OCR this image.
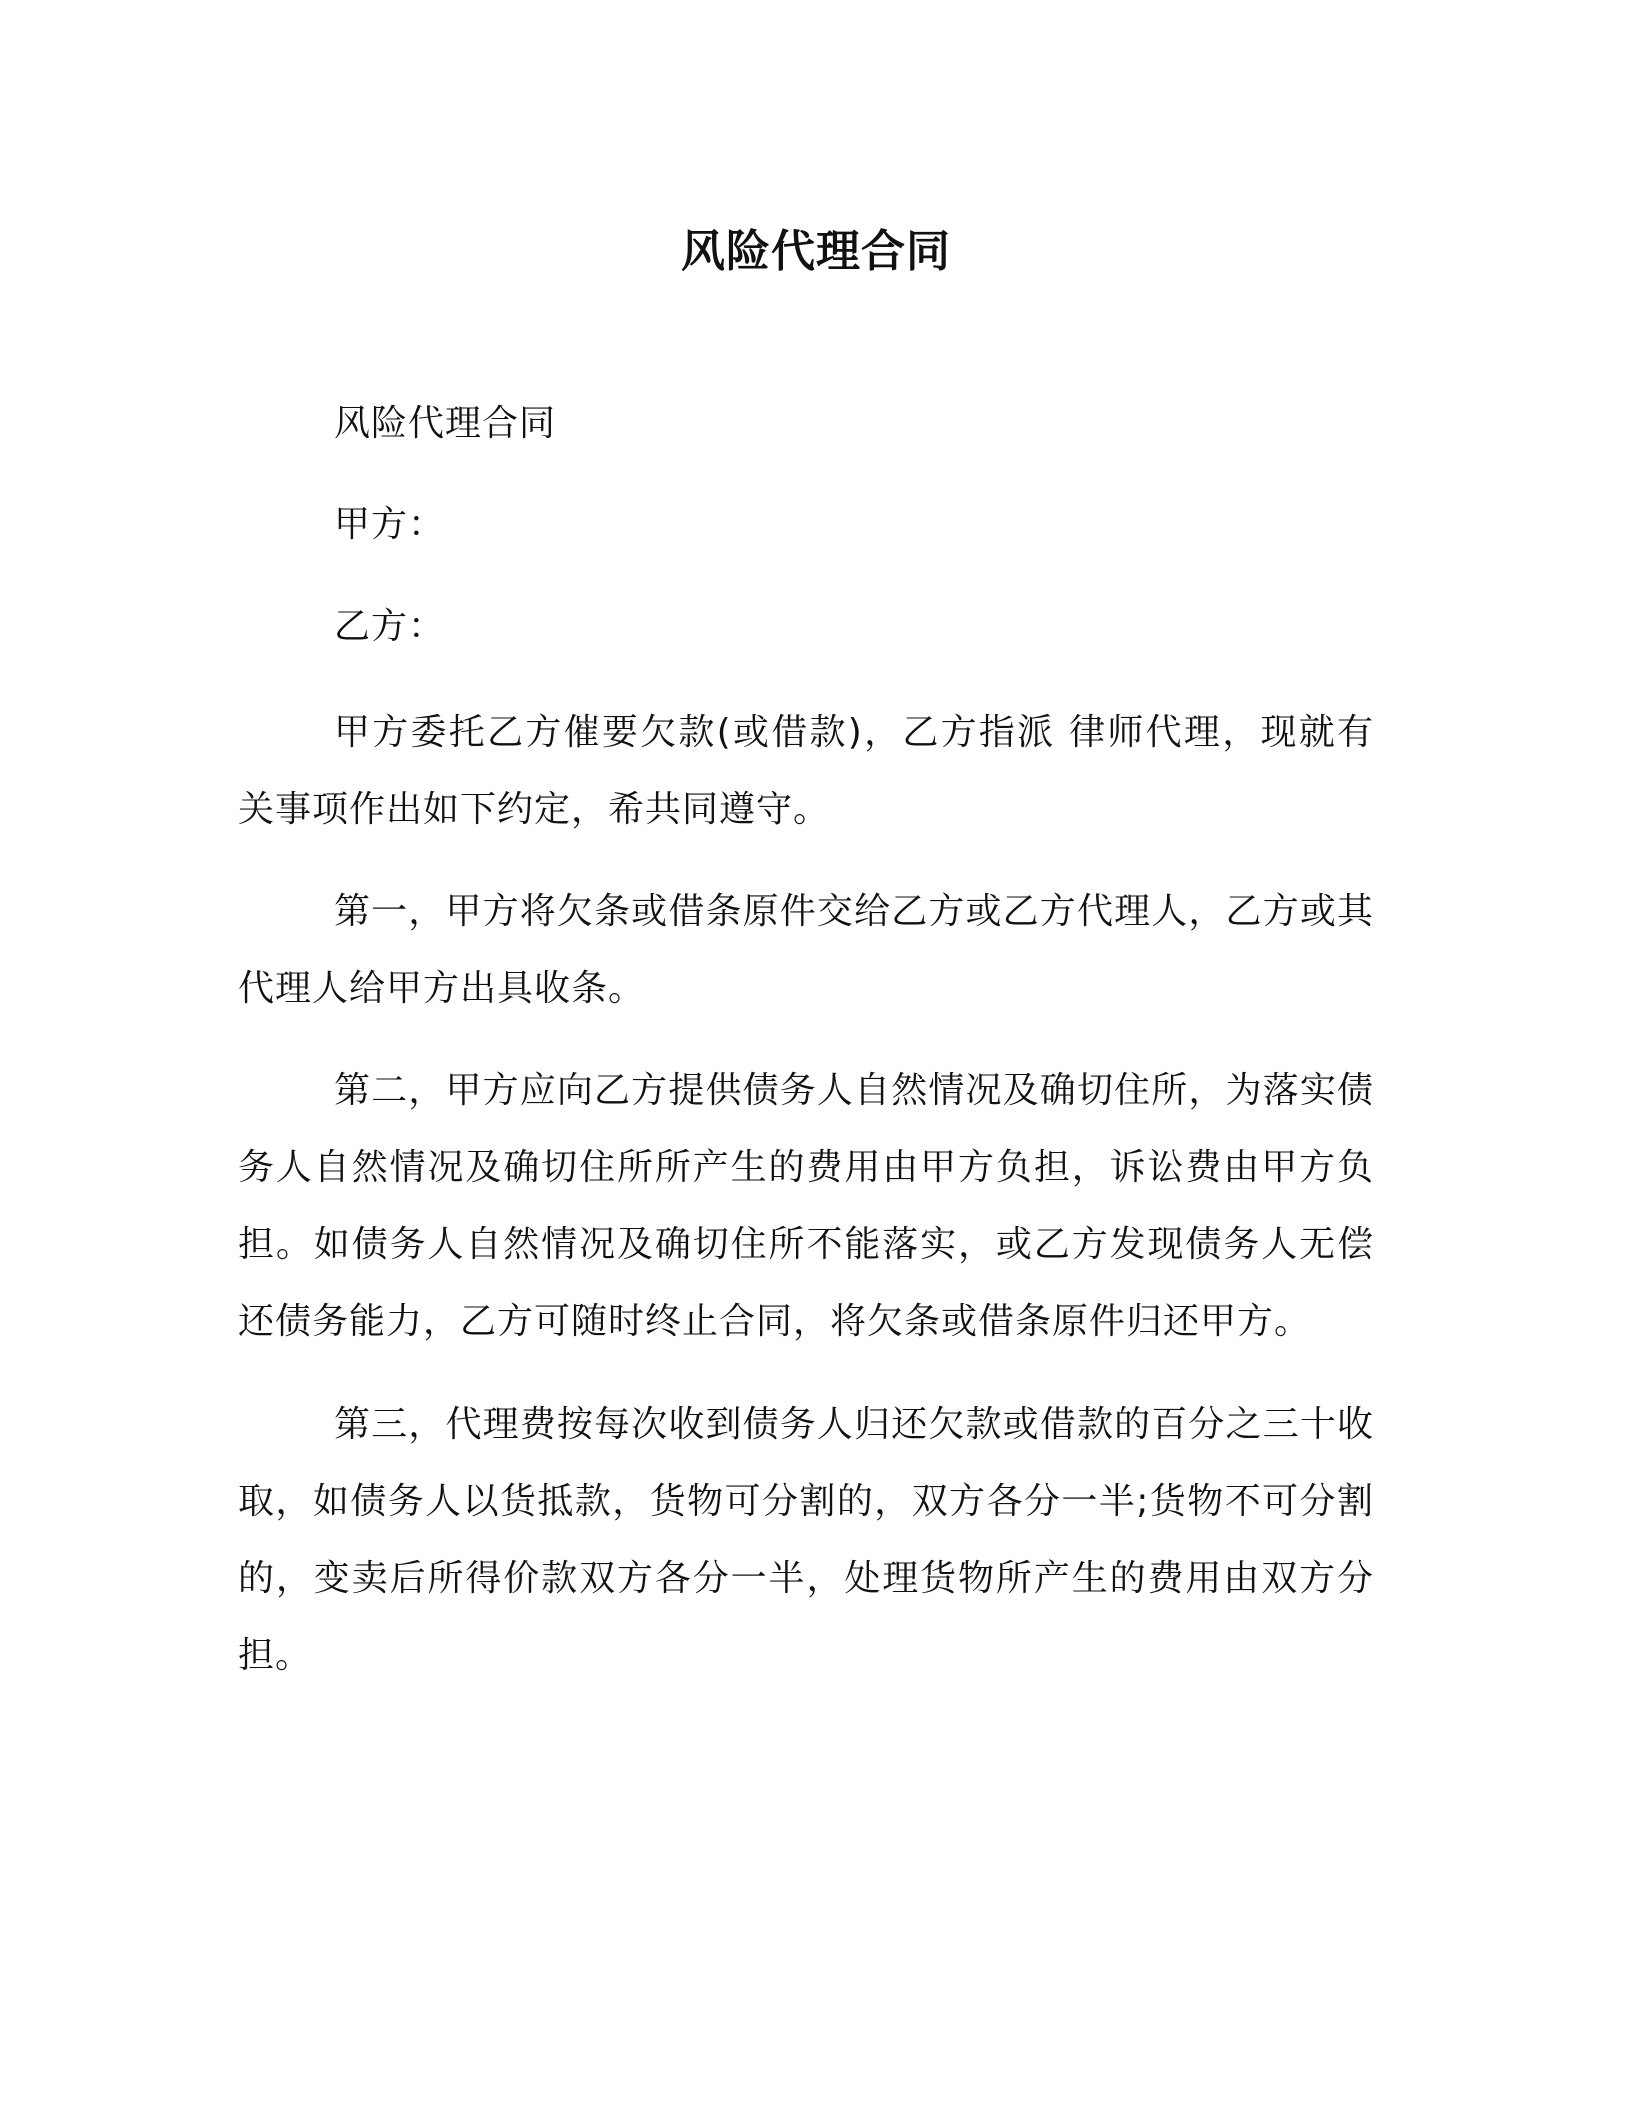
风险代理合同

风险代理合同

甲方：

乙方：

甲方委托乙方催要欠款(或借款)，乙方指派 律师代理，现就有关事项作出如下约定，希共同遵守。

第一，甲方将欠条或借条原件交给乙方或乙方代理人，乙方或其代理人给甲方出具收条。

第二，甲方应向乙方提供债务人自然情况及确切住所，为落实债务人自然情况及确切住所所产生的费用由甲方负担，诉讼费由甲方负担。如债务人自然情况及确切住所不能落实，或乙方发现债务人无偿还债务能力，乙方可随时终止合同，将欠条或借条原件归还甲方。

第三，代理费按每次收到债务人归还欠款或借款的百分之三十收取，如债务人以货抵款，货物可分割的，双方各分一半;货物不可分割的，变卖后所得价款双方各分一半，处理货物所产生的费用由双方分担。
